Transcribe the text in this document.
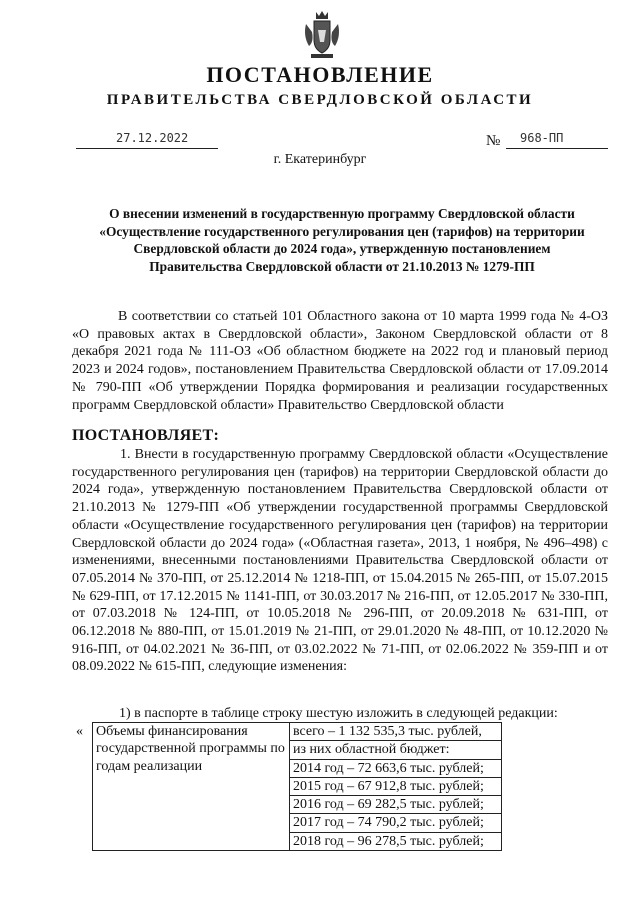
ПОСТАНОВЛЕНИЕ
ПРАВИТЕЛЬСТВА СВЕРДЛОВСКОЙ ОБЛАСТИ
27.12.2022	№ 968-ПП
г. Екатеринбург
О внесении изменений в государственную программу Свердловской области
«Осуществление государственного регулирования цен (тарифов) на территории
Свердловской области до 2024 года», утвержденную постановлением
Правительства Свердловской области от 21.10.2013 № 1279-ПП
В соответствии со статьей 101 Областного закона от 10 марта 1999 года № 4-ОЗ «О правовых актах в Свердловской области», Законом Свердловской области от 8 декабря 2021 года № 111-ОЗ «Об областном бюджете на 2022 год и плановый период 2023 и 2024 годов», постановлением Правительства Свердловской области от 17.09.2014 № 790-ПП «Об утверждении Порядка формирования и реализации государственных программ Свердловской области» Правительство Свердловской области
ПОСТАНОВЛЯЕТ:
1. Внести в государственную программу Свердловской области «Осуществление государственного регулирования цен (тарифов) на территории Свердловской области до 2024 года», утвержденную постановлением Правительства Свердловской области от 21.10.2013 № 1279-ПП «Об утверждении государственной программы Свердловской области «Осуществление государственного регулирования цен (тарифов) на территории Свердловской области до 2024 года» («Областная газета», 2013, 1 ноября, № 496–498) с изменениями, внесенными постановлениями Правительства Свердловской области от 07.05.2014 № 370-ПП, от 25.12.2014 № 1218-ПП, от 15.04.2015 № 265-ПП, от 15.07.2015 № 629-ПП, от 17.12.2015 № 1141-ПП, от 30.03.2017 № 216-ПП, от 12.05.2017 № 330-ПП, от 07.03.2018 № 124-ПП, от 10.05.2018 № 296-ПП, от 20.09.2018 № 631-ПП, от 06.12.2018 № 880-ПП, от 15.01.2019 № 21-ПП, от 29.01.2020 № 48-ПП, от 10.12.2020 № 916-ПП, от 04.02.2021 № 36-ПП, от 03.02.2022 № 71-ПП, от 02.06.2022 № 359-ПП и от 08.09.2022 № 615-ПП, следующие изменения:
1) в паспорте в таблице строку шестую изложить в следующей редакции:
« Объемы финансирования государственной программы по годам реализации	всего – 1 132 535,3 тыс. рублей,
из них областной бюджет:
2014 год – 72 663,6 тыс. рублей;
2015 год – 67 912,8 тыс. рублей;
2016 год – 69 282,5 тыс. рублей;
2017 год – 74 790,2 тыс. рублей;
2018 год – 96 278,5 тыс. рублей;
